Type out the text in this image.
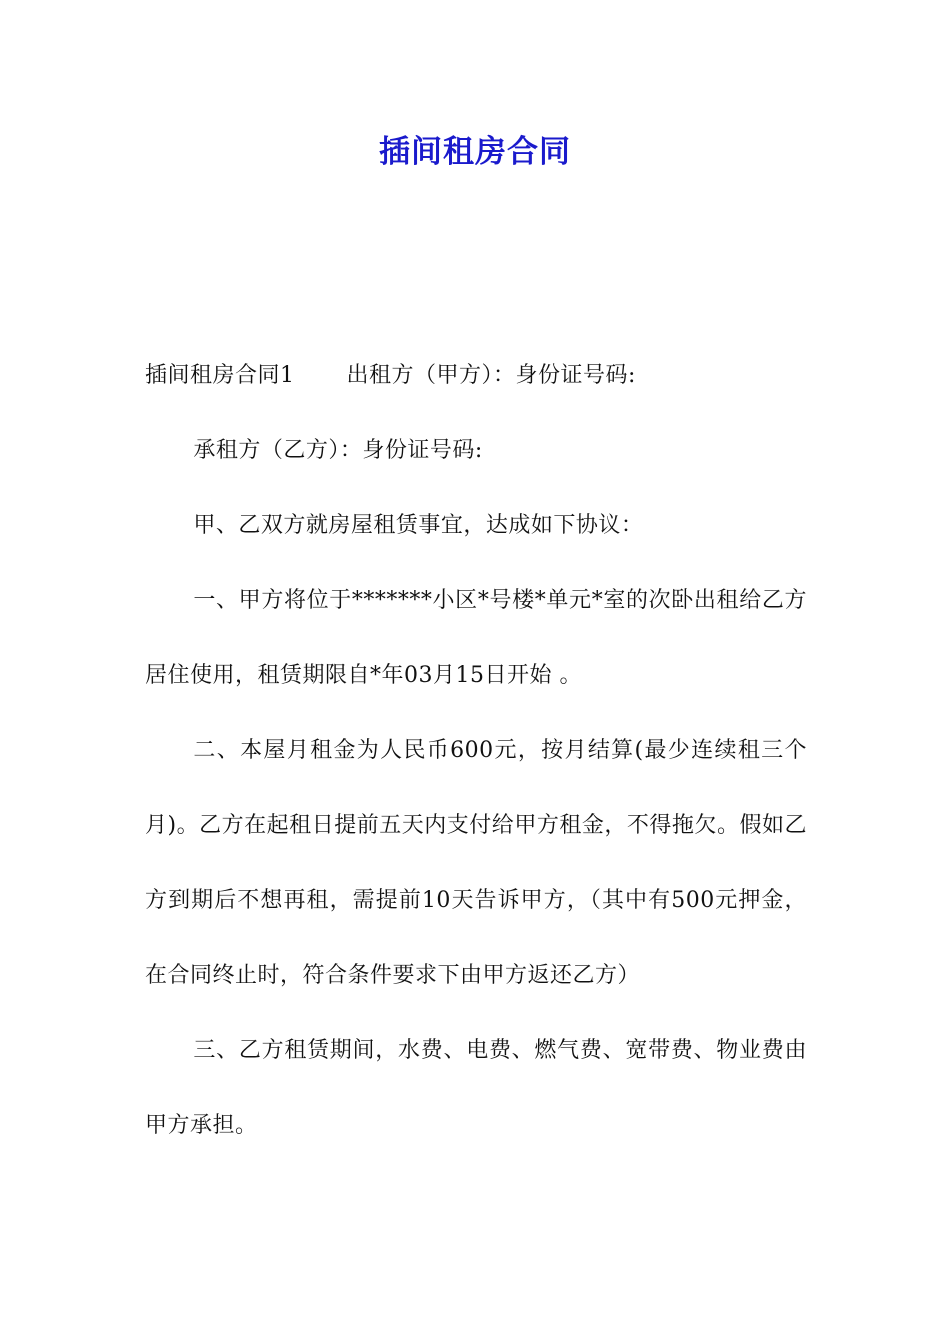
插间租房合同

插间租房合同1 出租方（甲方）：身份证号码:

承租方（乙方）：身份证号码:

甲、乙双方就房屋租赁事宜，达成如下协议：

一、甲方将位于*******小区*号楼*单元*室的次卧出租给乙方居住使用，租赁期限自*年03月15日开始 。

二、本屋月租金为人民币600元，按月结算(最少连续租三个月)。乙方在起租日提前五天内支付给甲方租金，不得拖欠。假如乙方到期后不想再租，需提前10天告诉甲方，（其中有500元押金，在合同终止时，符合条件要求下由甲方返还乙方）

三、乙方租赁期间，水费、电费、燃气费、宽带费、物业费由甲方承担。
